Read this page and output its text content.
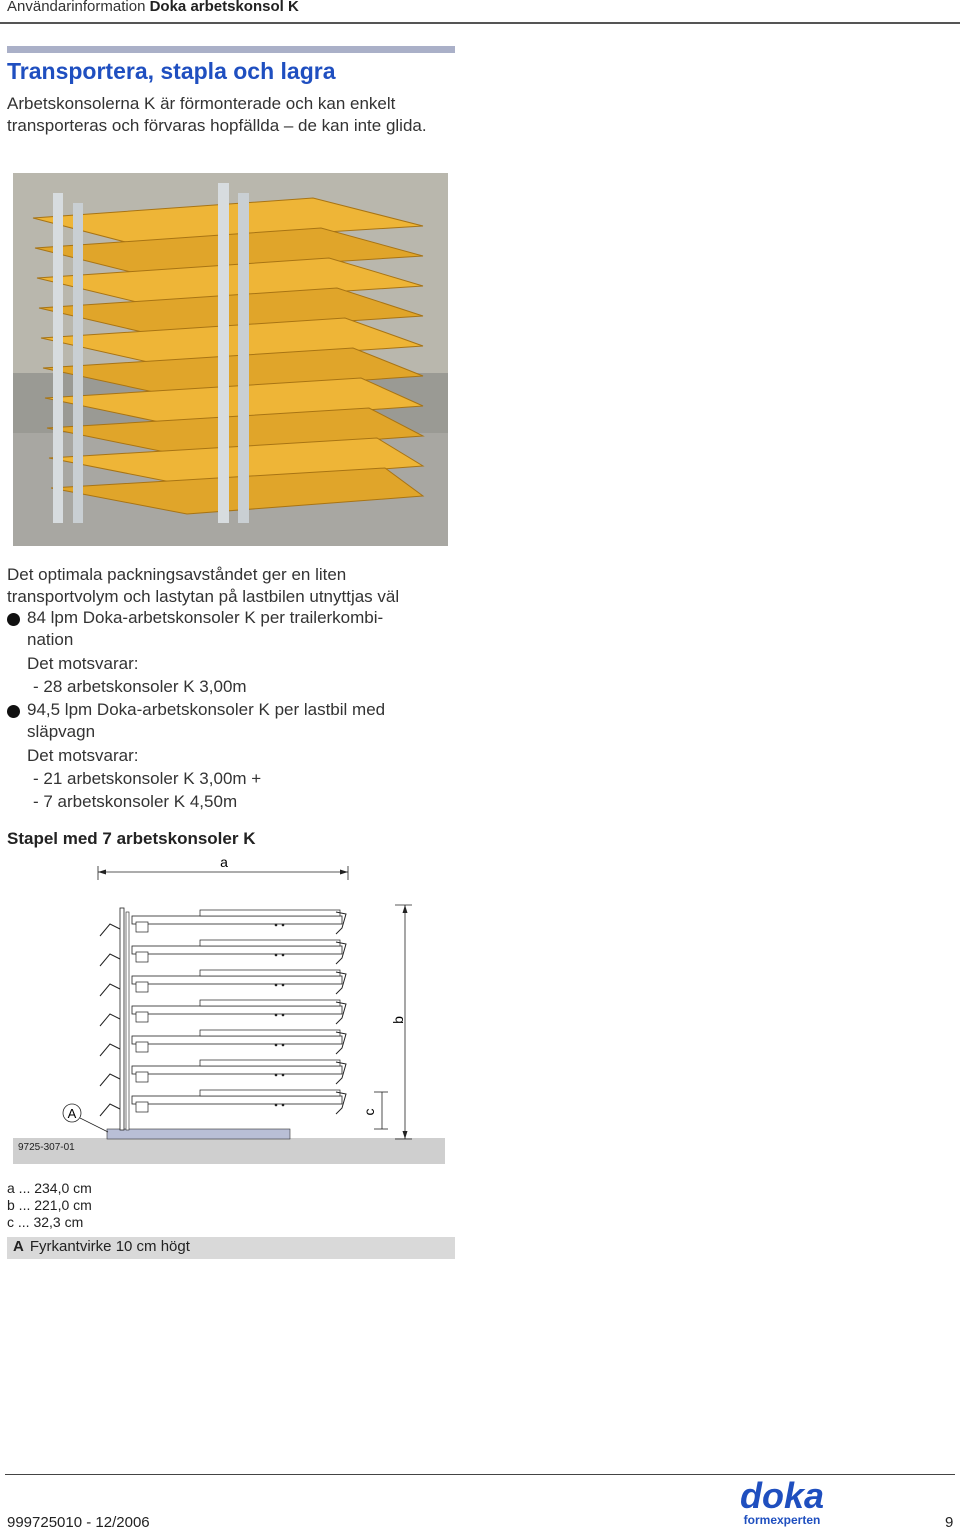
Användarinformation Doka arbetskonsol K
Transportera, stapla och lagra
Arbetskonsolerna K är förmonterade och kan enkelt transporteras och förvaras hopfällda – de kan inte glida.
Det optimala packningsavståndet ger en liten transportvolym och lastytan på lastbilen utnyttjas väl
84 lpm Doka-arbetskonsoler K per trailerkombi-
nation
Det motsvarar:
- 28 arbetskonsoler K 3,00m
94,5 lpm Doka-arbetskonsoler K per lastbil med
släpvagn
Det motsvarar:
- 21 arbetskonsoler K 3,00m +
- 7 arbetskonsoler K 4,50m
Stapel med 7 arbetskonsoler K
a
b
c
A
9725-307-01
a ... 234,0 cm
b ... 221,0 cm
c ... 32,3 cm
A Fyrkantvirke 10 cm högt
999725010 - 12/2006	9
doka
formexperten
